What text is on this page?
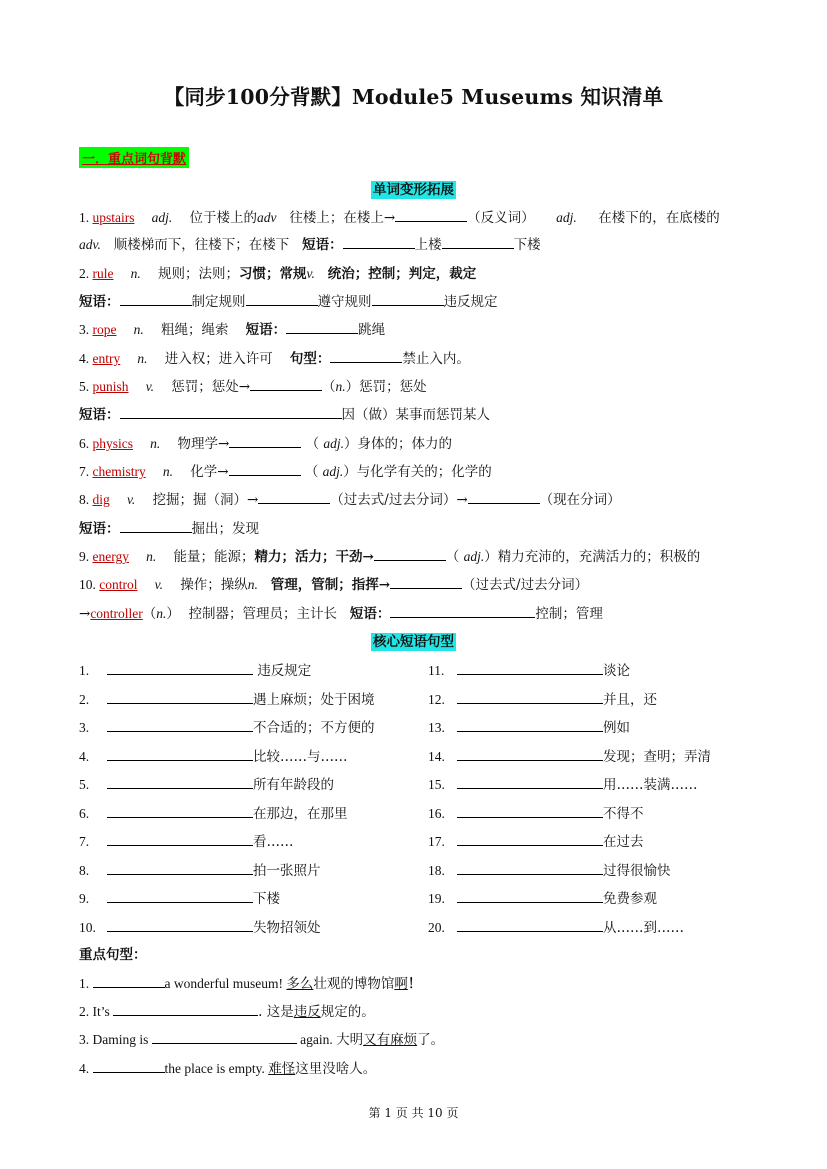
【同步100分背默】Module5 Museums 知识清单
一．重点词句背默
单词变形拓展
1. upstairs adj. 位于楼上的adv 往楼上；在楼上→	（反义词） adj. 在楼下的，在底楼的
adv. 顺楼梯而下，往楼下；在楼下 短语：	上楼	下楼
2. rule n. 规则；法则；习惯；常规v. 统治；控制；判定，裁定
短语：	制定规则	遵守规则	违反规定
3. rope n. 粗绳；绳索 短语：	跳绳
4. entry n. 进入权；进入许可 句型：	禁止入内。
5. punish v. 惩罚；惩处→	（n.）惩罚；惩处
短语：	因（做）某事而惩罚某人
6. physics n. 物理学→	（ adj.）身体的；体力的
7. chemistry n. 化学→	（ adj.）与化学有关的；化学的
8. dig v. 挖掘；掘（洞）→	（过去式/过去分词）→	（现在分词）
短语：	掘出；发现
9. energy n. 能量；能源；精力；活力；干劲→	（ adj.）精力充沛的，充满活力的；积极的
10. control v. 操作；操纵n. 管理，管制；指挥→	（过去式/过去分词）
→controller（n.） 控制器；管理员；主计长 短语：	控制；管理
核心短语句型
1.	违反规定
2.	遇上麻烦；处于困境
3.	不合适的；不方便的
4.	比较……与……
5.	所有年龄段的
6.	在那边，在那里
7.	看……
8.	拍一张照片
9.	下楼
10.	失物招领处
11.	谈论
12.	并且，还
13.	例如
14.	发现；查明；弄清
15.	用……装满……
16.	不得不
17.	在过去
18.	过得很愉快
19.	免费参观
20.	从……到……
重点句型：
1.	a wonderful museum! 多么壮观的博物馆啊！
2. It’s	. 这是违反规定的。
3. Daming is	again. 大明又有麻烦了。
4.	the place is empty. 难怪这里没啥人。
第 1 页 共 10 页
